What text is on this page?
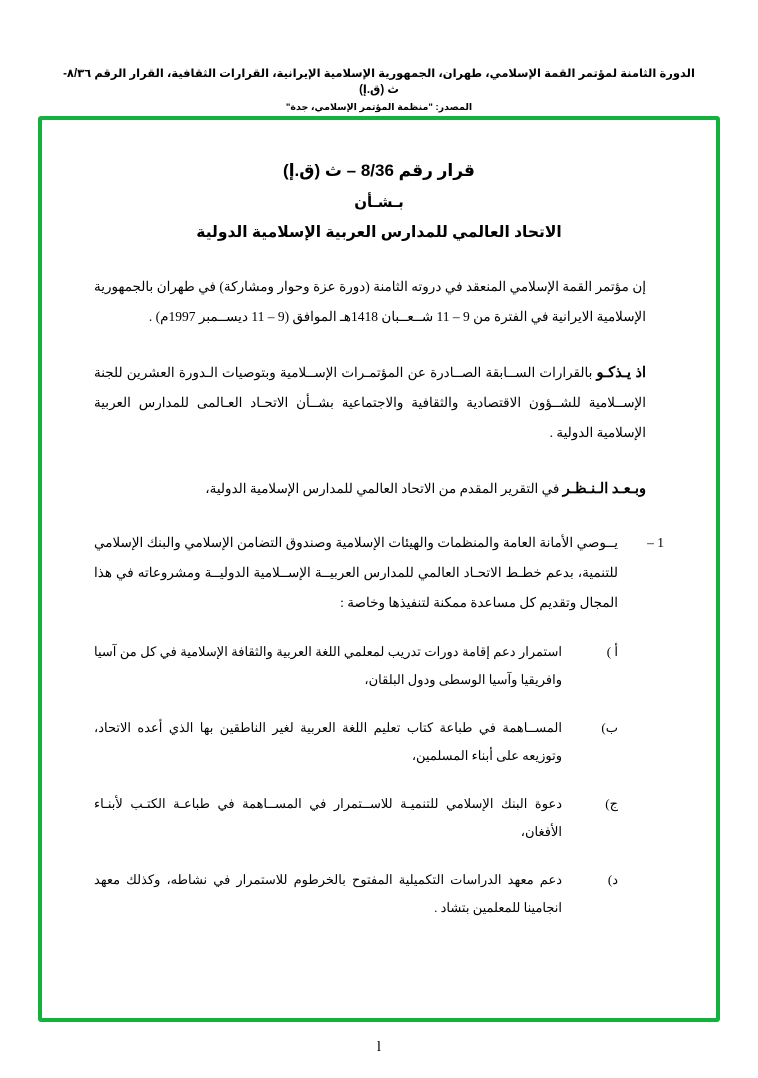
الدورة الثامنة لمؤتمر القمة الإسلامي، طهران، الجمهورية الإسلامية الإيرانية، القرارات الثقافية، القرار الرقم ٨/٣٦-ث (ق.إ)
المصدر: "منظمة المؤتمر الإسلامي، جدة"
قرار رقم 8/36 – ث (ق.إ)
بـشـأن
الاتحاد العالمي للمدارس العربية الإسلامية الدولية
إن مؤتمر القمة الإسلامي المنعقد في دروته الثامنة (دورة عزة وحوار ومشاركة) في طهران بالجمهورية الإسلامية الايرانية في الفترة من 9 – 11 شــعــبان 1418هـ الموافق (9 – 11 ديســمبر 1997م) .
اذ يـذكـو بالقرارات الســابقة الصــادرة عن المؤتمـرات الإســلامية وبتوصيات الـدورة العشرين للجنة الإســلامية للشــؤون الاقتصادية والثقافية والاجتماعية بشــأن الاتحـاد العـالمى للمدارس العربية الإسلامية الدولية .
وبـعـد الـنـظـر في التقرير المقدم من الاتحاد العالمي للمدارس الإسلامية الدولية،
1 –
يــوصي الأمانة العامة والمنظمات والهيئات الإسلامية وصندوق التضامن الإسلامي والبنك الإسلامي للتنمية، بدعم خطـط الاتحـاد العالمي للمدارس العربيــة الإســلامية الدوليــة ومشروعاته في هذا المجال وتقديم كل مساعدة ممكنة لتنفيذها وخاصة :
أ )
استمرار دعم إقامة دورات تدريب لمعلمي اللغة العربية والثقافة الإسلامية في كل من آسيا وافريقيا وآسيا الوسطى ودول البلقان،
ب)
المســاهمة في طباعة كتاب تعليم اللغة العربية لغير الناطقين بها الذي أعده الاتحاد، وتوزيعه على أبناء المسلمين،
ج)
دعوة البنك الإسلامي للتنميـة للاســتمرار في المســاهمة في طباعـة الكتـب لأبنـاء الأفغان،
د)
دعم معهد الدراسات التكميلية المفتوح بالخرطوم للاستمرار في نشاطه، وكذلك معهد انجامينا للمعلمين بتشاد .
l
